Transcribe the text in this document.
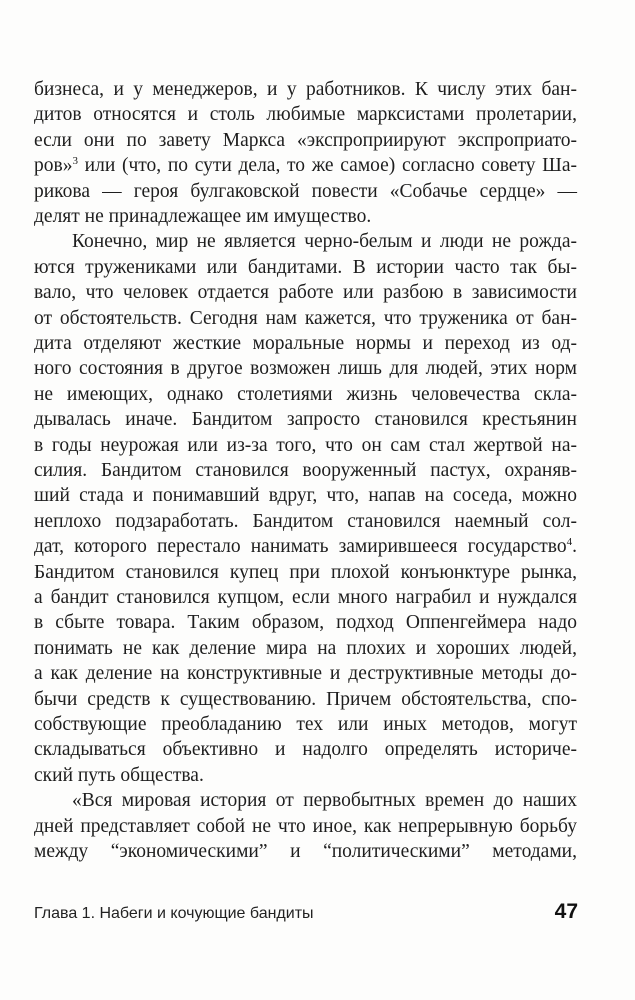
бизнеса, и у менеджеров, и у работников. К числу этих бан-
дитов относятся и столь любимые марксистами пролетарии,
если они по завету Маркса «экспроприируют экспроприато-
ров»$^3$ или (что, по сути дела, то же самое) согласно совету Ша-
рикова — героя булгаковской повести «Собачье сердце» —
делят не принадлежащее им имущество.
Конечно, мир не является черно-белым и люди не рожда-
ются тружениками или бандитами. В истории часто так бы-
вало, что человек отдается работе или разбою в зависимости
от обстоятельств. Сегодня нам кажется, что труженика от бан-
дита отделяют жесткие моральные нормы и переход из од-
ного состояния в другое возможен лишь для людей, этих норм
не имеющих, однако столетиями жизнь человечества скла-
дывалась иначе. Бандитом запросто становился крестьянин
в годы неурожая или из-за того, что он сам стал жертвой на-
силия. Бандитом становился вооруженный пастух, охраняв-
ший стада и понимавший вдруг, что, напав на соседа, можно
неплохо подзаработать. Бандитом становился наемный сол-
дат, которого перестало нанимать замирившееся государство$^4$.
Бандитом становился купец при плохой конъюнктуре рынка,
а бандит становился купцом, если много награбил и нуждался
в сбыте товара. Таким образом, подход Оппенгеймера надо
понимать не как деление мира на плохих и хороших людей,
а как деление на конструктивные и деструктивные методы до-
бычи средств к существованию. Причем обстоятельства, спо-
собствующие преобладанию тех или иных методов, могут
складываться объективно и надолго определять историче-
ский путь общества.
«Вся мировая история от первобытных времен до наших
дней представляет собой не что иное, как непрерывную борьбу
между “экономическими” и “политическими” методами,
Глава 1. Набеги и кочующие бандиты	47
